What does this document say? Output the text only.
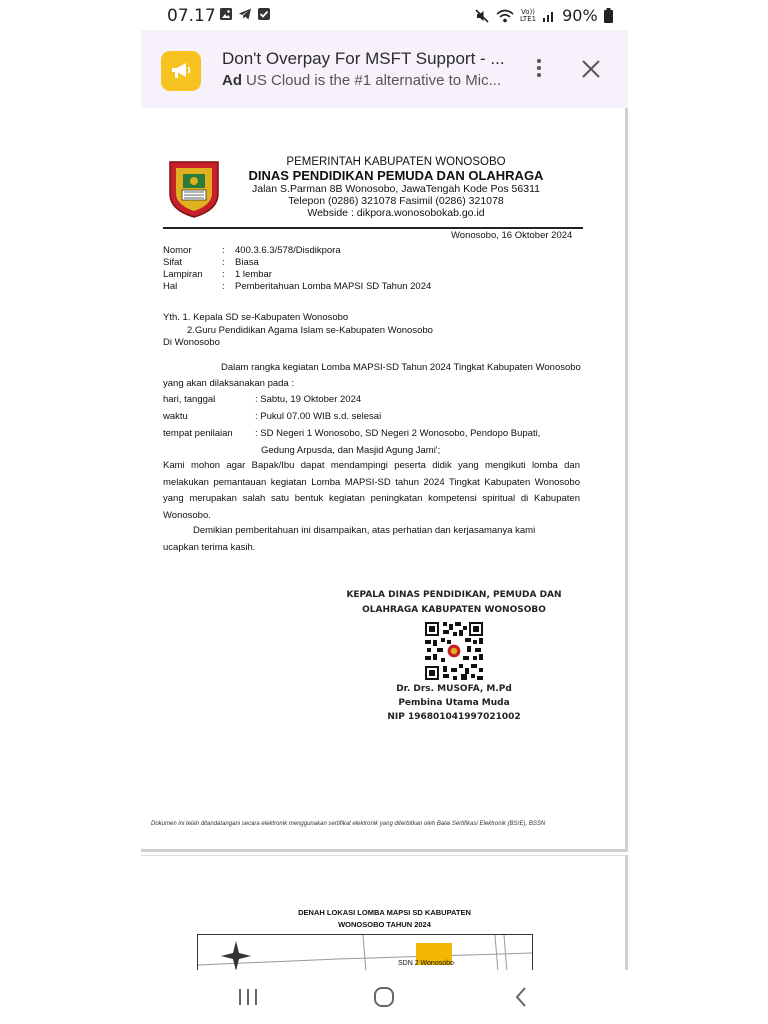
07.17	Vo))
LTE1 90%
Don't Overpay For MSFT Support - ...
Ad US Cloud is the #1 alternative to Mic...
PEMERINTAH KABUPATEN WONOSOBO
DINAS PENDIDIKAN PEMUDA DAN OLAHRAGA
Jalan S.Parman 8B Wonosobo, JawaTengah Kode Pos 56311
Telepon (0286) 321078 Fasimil (0286) 321078
Webside : dikpora.wonosobokab.go.id
Wonosobo, 16 Oktober 2024
Nomor	: 400.3.6.3/578/Disdikpora
Sifat	: Biasa
Lampiran : 1 lembar
Hal	: Pemberitahuan Lomba MAPSI SD Tahun 2024
Yth. 1. Kepala SD se-Kabupaten Wonosobo
2.Guru Pendidikan Agama Islam se-Kabupaten Wonosobo
Di Wonosobo
Dalam rangka kegiatan Lomba MAPSI-SD Tahun 2024 Tingkat Kabupaten Wonosobo
yang akan dilaksanakan pada :
hari, tanggal	: Sabtu, 19 Oktober 2024
waktu	: Pukul 07.00 WIB s.d. selesai
tempat penilaian : SD Negeri 1 Wonosobo, SD Negeri 2 Wonosobo, Pendopo Bupati,
Gedung Arpusda, dan Masjid Agung Jami';
Kami mohon agar Bapak/Ibu dapat mendampingi peserta didik yang mengikuti lomba dan melakukan pemantauan kegiatan Lomba MAPSI-SD tahun 2024 Tingkat Kabupaten Wonosobo yang merupakan salah satu bentuk kegiatan peningkatan kompetensi spiritual di Kabupaten Wonosobo.
Demikian pemberitahuan ini disampaikan, atas perhatian dan kerjasamanya kami
ucapkan terima kasih.
KEPALA DINAS PENDIDIKAN, PEMUDA DAN
OLAHRAGA KABUPATEN WONOSOBO
Dr. Drs. MUSOFA, M.Pd
Pembina Utama Muda
NIP 196801041997021002
Dokumen ini telah ditandatangani secara elektronik menggunakan sertifikat elektronik yang diterbitkan oleh Balai Sertifikasi Elektronik (BSrE), BSSN
DENAH LOKASI LOMBA MAPSI SD KABUPATEN
WONOSOBO TAHUN 2024
SDN 2 Wonosobo
